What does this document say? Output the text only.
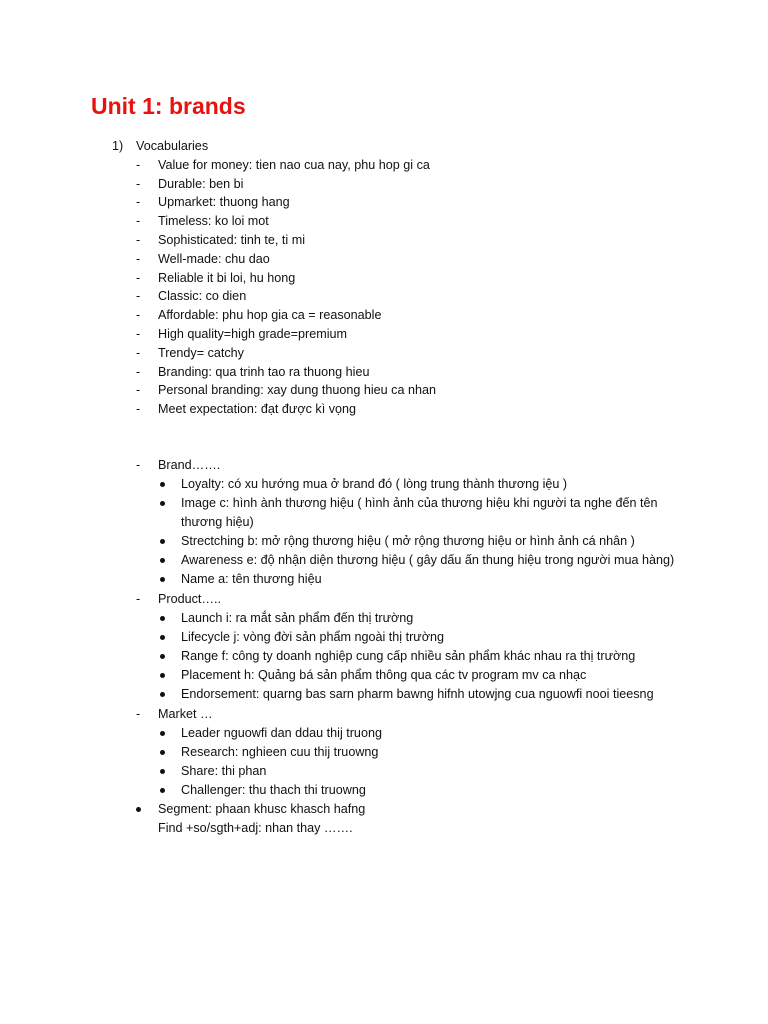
Unit 1: brands
1) Vocabularies
- Value for money: tien nao cua nay, phu hop gi ca
- Durable: ben bi
- Upmarket: thuong hang
- Timeless: ko loi mot
- Sophisticated: tinh te, ti mi
- Well-made: chu dao
- Reliable it bi loi, hu hong
- Classic: co dien
- Affordable: phu hop gia ca = reasonable
- High quality=high grade=premium
- Trendy= catchy
- Branding: qua trinh tao ra thuong hieu
- Personal branding: xay dung thuong hieu ca nhan
- Meet expectation: đạt được kì vọng
- Brand…….
Loyalty: có xu hướng mua ở brand đó ( lòng trung thành thương iệu )
Image c: hình ành thương hiệu ( hình ảnh của thương hiệu khi người ta nghe đến tên
thương hiệu)
Strectching b: mở rộng thương hiệu ( mở rộng thương hiệu or hình ảnh cá nhân )
Awareness e: độ nhận diện thương hiệu ( gây dấu ấn thung hiệu trong người mua hàng)
Name a: tên thương hiệu
- Product…..
Launch i: ra mắt sản phẩm đến thị trường
Lifecycle j: vòng đời sản phẩm ngoài thị trường
Range f: công ty doanh nghiệp cung cấp nhiều sản phẩm khác nhau ra thị trường
Placement h: Quảng bá sản phẩm thông qua các tv program mv ca nhạc
Endorsement: quarng bas sarn pharm bawng hifnh utowjng cua nguowfi nooi tieesng
- Market …
Leader nguowfi dan ddau thij truong
Research: nghieen cuu thij truowng
Share: thi phan
Challenger: thu thach thi truowng
Segment: phaan khusc khasch hafng
Find +so/sgth+adj: nhan thay …….
